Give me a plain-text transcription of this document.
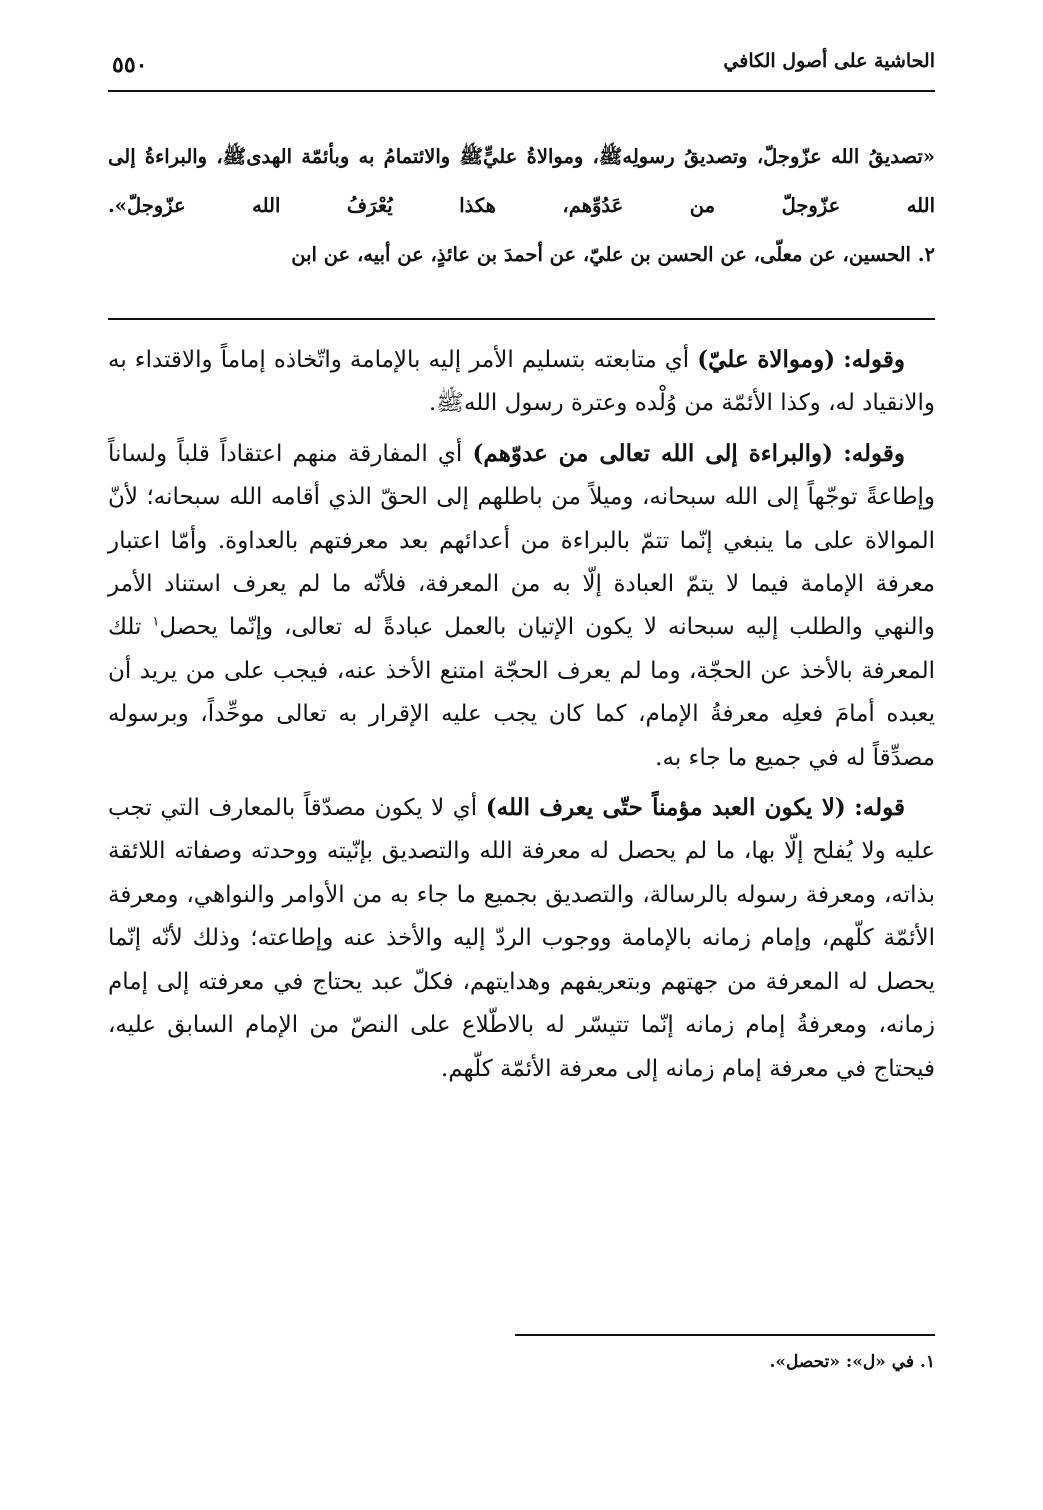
الحاشية على أصول الكافي
٥٥٠

«تصديقُ الله عزّوجلّ، وتصديقُ رسولِهﷺ، وموالاةُ عليٍّ‌ﷺ والائتمامُ به وبأئمّة الهدى‌ﷺ، والبراءةُ إلى الله عزّوجلّ من عَدُوِّهم، هكذا يُعْرَفُ الله عزّوجلّ».

٢. الحسين، عن معلّى، عن الحسن بن عليّ، عن أحمدَ بن عائذٍ، عن أبيه، عن ابن

وقوله: (وموالاة عليّ) أي متابعته بتسليم الأمر إليه بالإمامة واتّخاذه إماماً والاقتداء به والانقياد له، وكذا الأئمّة من وُلْده وعترة رسول اللهﷺ.

وقوله: (والبراءة إلى الله تعالى من عدوّهم) أي المفارقة منهم اعتقاداً قلباً ولساناً وإطاعةً توجّهاً إلى الله سبحانه، وميلاً من باطلهم إلى الحقّ الذي أقامه الله سبحانه؛ لأنّ الموالاة على ما ينبغي إنّما تتمّ بالبراءة من أعدائهم بعد معرفتهم بالعداوة. وأمّا اعتبار معرفة الإمامة فيما لا يتمّ العبادة إلّا به من المعرفة، فلأنّه ما لم يعرف استناد الأمر والنهي والطلب إليه سبحانه لا يكون الإتيان بالعمل عبادةً له تعالى، وإنّما يحصل$^١$ تلك المعرفة بالأخذ عن الحجّة، وما لم يعرف الحجّة امتنع الأخذ عنه، فيجب على من يريد أن يعبده أمامَ فعلِه معرفةُ الإمام، كما كان يجب عليه الإقرار به تعالى موحِّداً، وبرسوله مصدِّقاً له في جميع ما جاء به.

قوله: (لا يكون العبد مؤمناً حتّى يعرف الله) أي لا يكون مصدّقاً بالمعارف التي تجب عليه ولا يُفلح إلّا بها، ما لم يحصل له معرفة الله والتصديق بإنّيته ووحدته وصفاته اللائقة بذاته، ومعرفة رسوله بالرسالة، والتصديق بجميع ما جاء به من الأوامر والنواهي، ومعرفة الأئمّة كلّهم، وإمام زمانه بالإمامة ووجوب الردّ إليه والأخذ عنه وإطاعته؛ وذلك لأنّه إنّما يحصل له المعرفة من جهتهم وبتعريفهم وهدايتهم، فكلّ عبد يحتاج في معرفته إلى إمام زمانه، ومعرفةُ إمام زمانه إنّما تتيسّر له بالاطّلاع على النصّ من الإمام السابق عليه، فيحتاج في معرفة إمام زمانه إلى معرفة الأئمّة كلّهم.

١. في «ل»: «تحصل».
